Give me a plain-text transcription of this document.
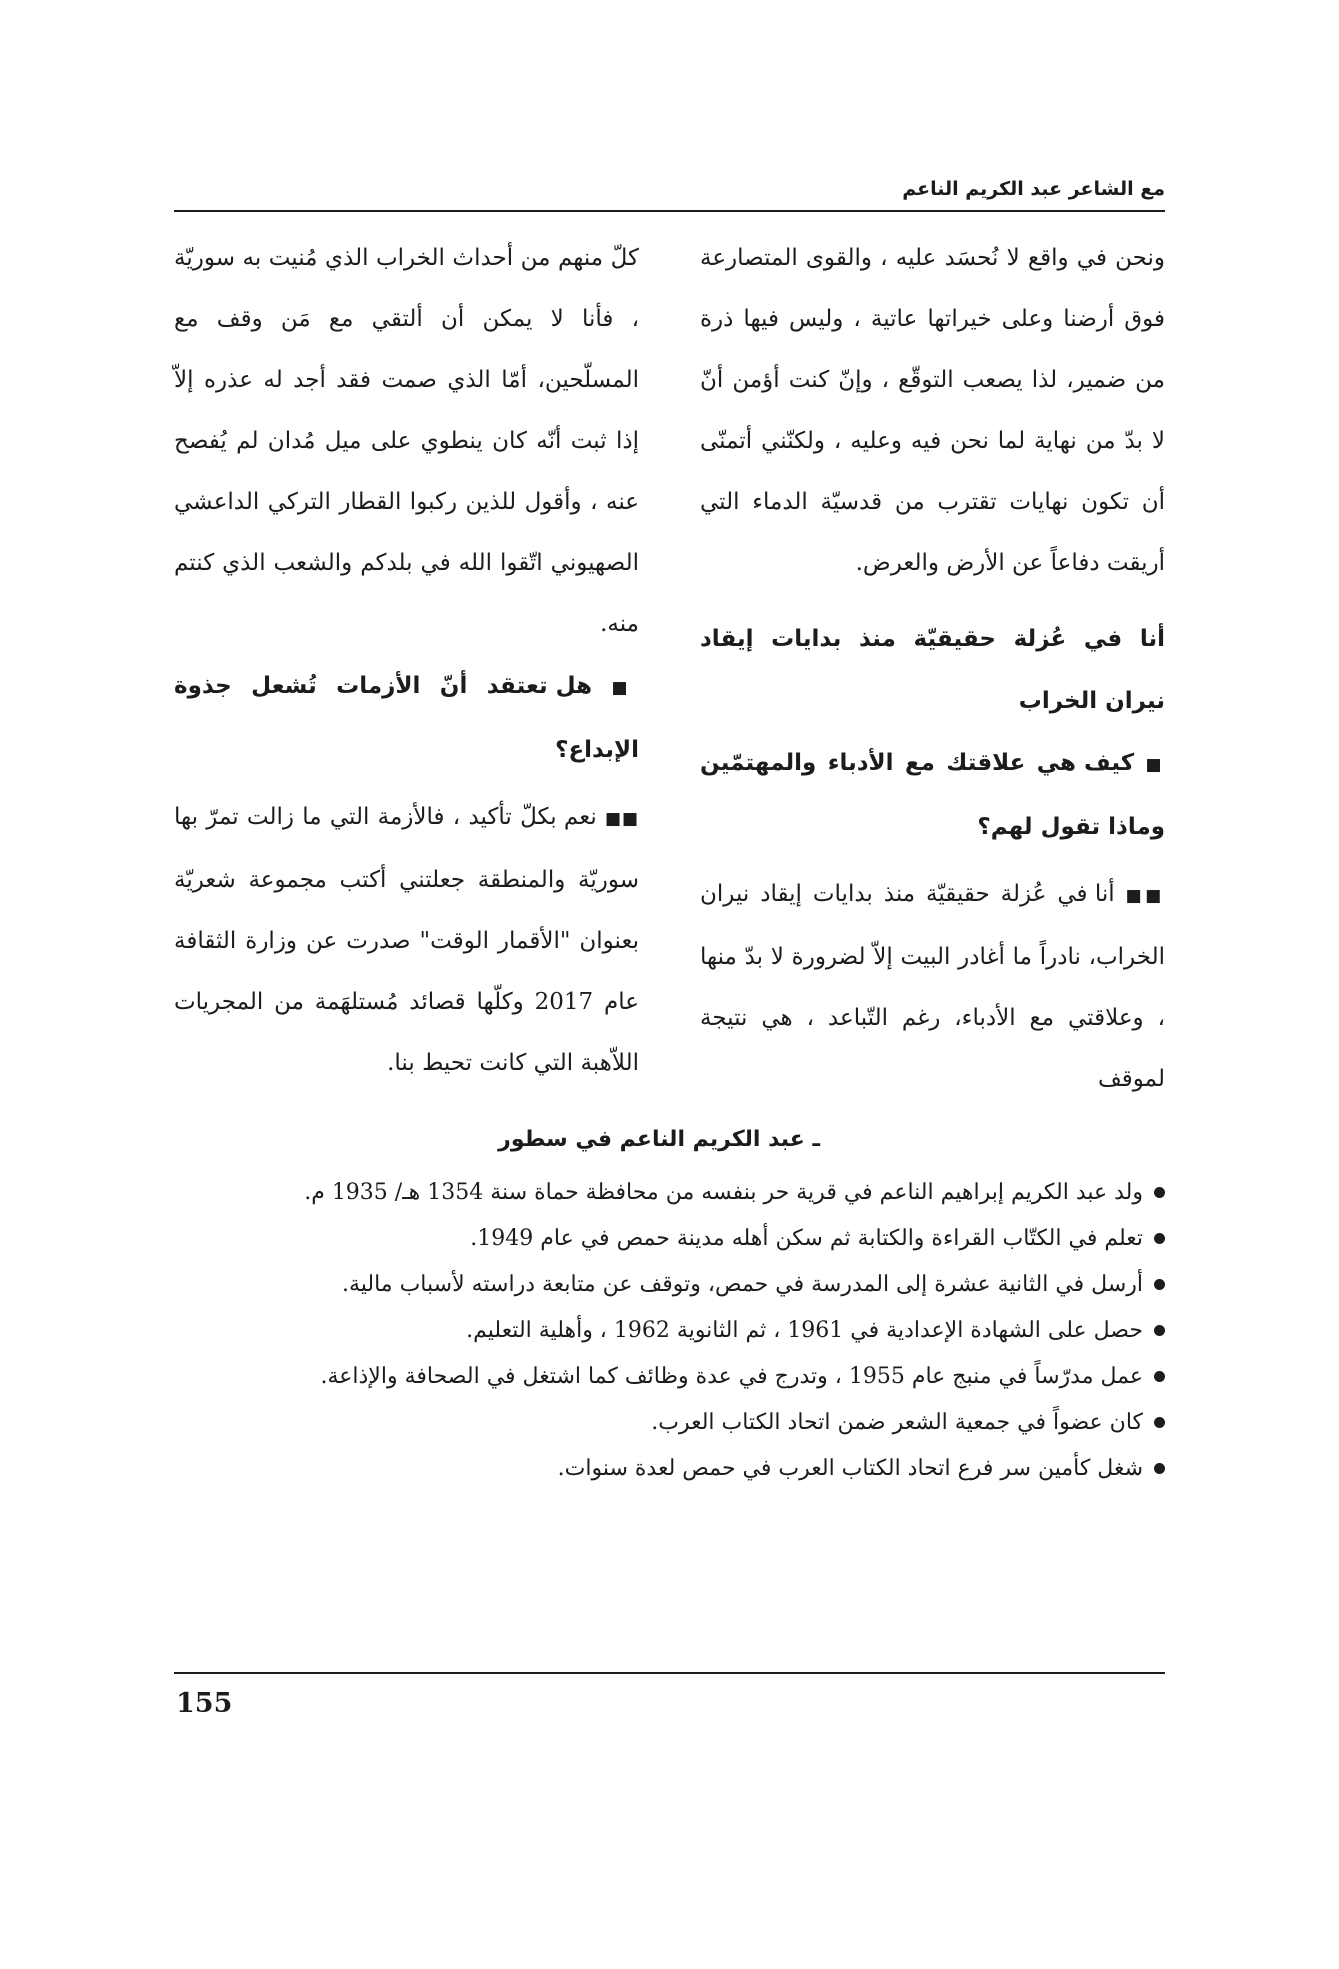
مع الشاعر عبد الكريم الناعم

ونحن في واقع لا نُحسَد عليه ، والقوى المتصارعة فوق أرضنا وعلى خيراتها عاتية ، وليس فيها ذرة من ضمير، لذا يصعب التوقّع ، وإنّ كنت أؤمن أنّ لا بدّ من نهاية لما نحن فيه وعليه ، ولكنّني أتمنّى أن تكون نهايات تقترب من قدسيّة الدماء التي أريقت دفاعاً عن الأرض والعرض.

أنا في عُزلة حقيقيّة منذ بدايات إيقاد نيران الخراب

■ كيف هي علاقتك مع الأدباء والمهتمّين وماذا تقول لهم؟

■■ أنا في عُزلة حقيقيّة منذ بدايات إيقاد نيران الخراب، نادراً ما أغادر البيت إلاّ لضرورة لا بدّ منها ، وعلاقتي مع الأدباء، رغم التّباعد ، هي نتيجة لموقف

كلّ منهم من أحداث الخراب الذي مُنيت به سوريّة ، فأنا لا يمكن أن ألتقي مع مَن وقف مع المسلّحين، أمّا الذي صمت فقد أجد له عذره إلاّ إذا ثبت أنّه كان ينطوي على ميل مُدان لم يُفصح عنه ، وأقول للذين ركبوا القطار التركي الداعشي الصهيوني اتّقوا الله في بلدكم والشعب الذي كنتم منه.

■ هل تعتقد أنّ الأزمات تُشعل جذوة الإبداع؟

■■ نعم بكلّ تأكيد ، فالأزمة التي ما زالت تمرّ بها سوريّة والمنطقة جعلتني أكتب مجموعة شعريّة بعنوان "الأقمار الوقت" صدرت عن وزارة الثقافة عام 2017 وكلّها قصائد مُستلهَمة من المجريات اللاّهبة التي كانت تحيط بنا.

ـ عبد الكريم الناعم في سطور
ولد عبد الكريم إبراهيم الناعم في قرية حر بنفسه من محافظة حماة سنة 1354 هـ/ 1935 م.
تعلم في الكتّاب القراءة والكتابة ثم سكن أهله مدينة حمص في عام 1949.
أرسل في الثانية عشرة إلى المدرسة في حمص، وتوقف عن متابعة دراسته لأسباب مالية.
حصل على الشهادة الإعدادية في 1961 ، ثم الثانوية 1962 ، وأهلية التعليم.
عمل مدرّساً في منبج عام 1955 ، وتدرج في عدة وظائف كما اشتغل في الصحافة والإذاعة.
كان عضواً في جمعية الشعر ضمن اتحاد الكتاب العرب.
شغل كأمين سر فرع اتحاد الكتاب العرب في حمص لعدة سنوات.
155
